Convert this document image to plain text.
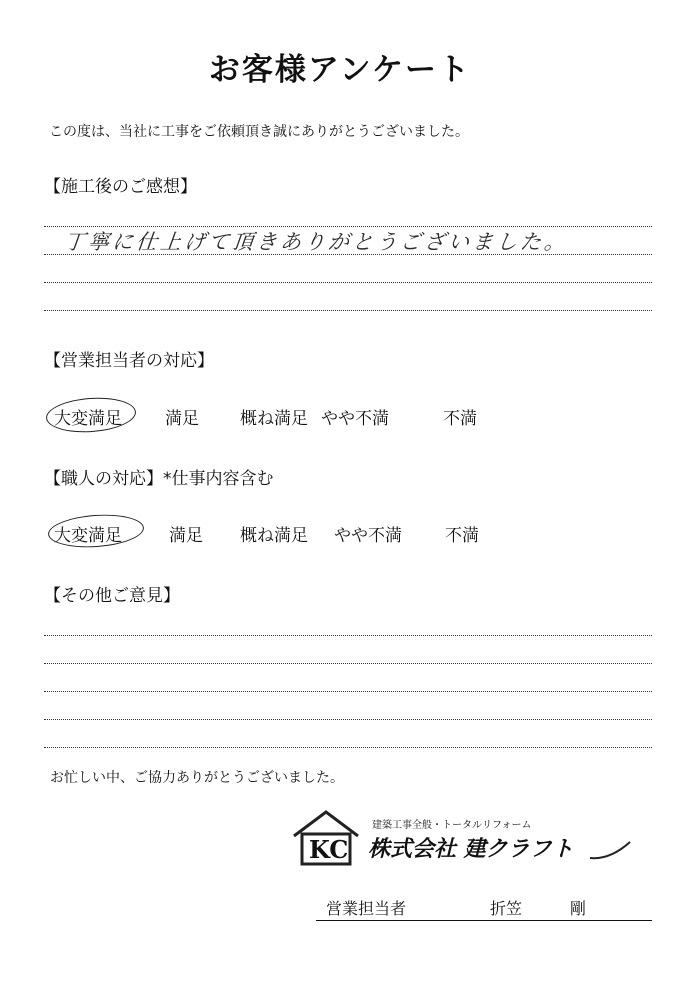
お客様アンケート
この度は、当社に工事をご依頼頂き誠にありがとうございました。
【施工後のご感想】
丁寧に仕上げて頂きありがとうございました。
【営業担当者の対応】
大変満足	満足 概ね満足 やや不満	不満
【職人の対応】*仕事内容含む
大変満足	満足 概ね満足 やや不満	不満
【その他ご意見】
お忙しい中、ご協力ありがとうございました。
KC
建築工事全般・トータルリフォーム
株式会社 建クラフト
営業担当者	折笠	剛
